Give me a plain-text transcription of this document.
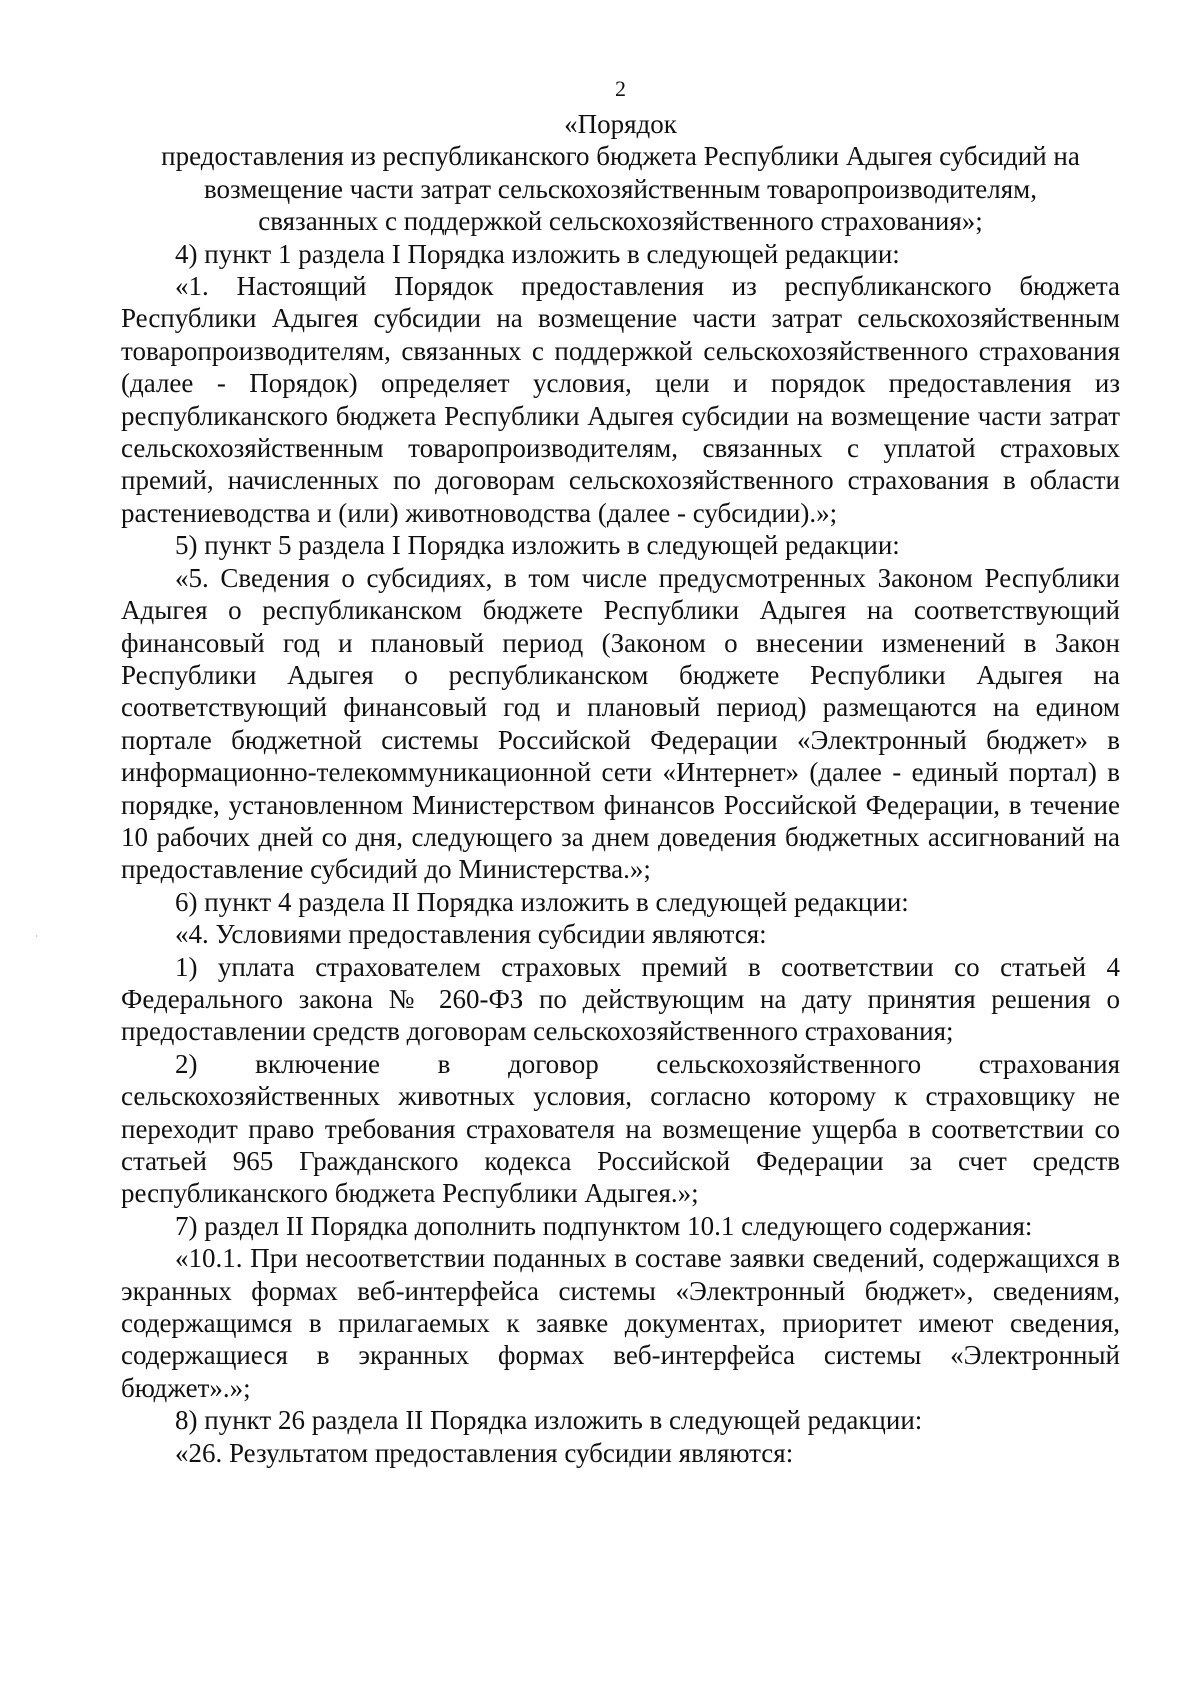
2
«Порядок
предоставления из республиканского бюджета Республики Адыгея субсидий на
возмещение части затрат сельскохозяйственным товаропроизводителям,
связанных с поддержкой сельскохозяйственного страхования»;

4) пункт 1 раздела I Порядка изложить в следующей редакции:

«1. Настоящий Порядок предоставления из республиканского бюджета Республики Адыгея субсидии на возмещение части затрат сельскохозяйственным товаропроизводителям, связанных с поддержкой сельскохозяйственного страхования (далее - Порядок) определяет условия, цели и порядок предоставления из республиканского бюджета Республики Адыгея субсидии на возмещение части затрат сельскохозяйственным товаропроизводителям, связанных с уплатой страховых премий, начисленных по договорам сельскохозяйственного страхования в области растениеводства и (или) животноводства (далее - субсидии).»;

5) пункт 5 раздела I Порядка изложить в следующей редакции:

«5. Сведения о субсидиях, в том числе предусмотренных Законом Республики Адыгея о республиканском бюджете Республики Адыгея на соответствующий финансовый год и плановый период (Законом о внесении изменений в Закон Республики Адыгея о республиканском бюджете Республики Адыгея на соответствующий финансовый год и плановый период) размещаются на едином портале бюджетной системы Российской Федерации «Электронный бюджет» в информационно-телекоммуникационной сети «Интернет» (далее - единый портал) в порядке, установленном Министерством финансов Российской Федерации, в течение 10 рабочих дней со дня, следующего за днем доведения бюджетных ассигнований на предоставление субсидий до Министерства.»;

6) пункт 4 раздела II Порядка изложить в следующей редакции:

«4. Условиями предоставления субсидии являются:

1) уплата страхователем страховых премий в соответствии со статьей 4 Федерального закона № 260-ФЗ по действующим на дату принятия решения о предоставлении средств договорам сельскохозяйственного страхования;

2) включение в договор сельскохозяйственного страхования сельскохозяйственных животных условия, согласно которому к страховщику не переходит право требования страхователя на возмещение ущерба в соответствии со статьей 965 Гражданского кодекса Российской Федерации за счет средств республиканского бюджета Республики Адыгея.»;

7) раздел II Порядка дополнить подпунктом 10.1 следующего содержания:

«10.1. При несоответствии поданных в составе заявки сведений, содержащихся в экранных формах веб-интерфейса системы «Электронный бюджет», сведениям, содержащимся в прилагаемых к заявке документах, приоритет имеют сведения, содержащиеся в экранных формах веб-интерфейса системы «Электронный бюджет».»;

8) пункт 26 раздела II Порядка изложить в следующей редакции:

«26. Результатом предоставления субсидии являются:
